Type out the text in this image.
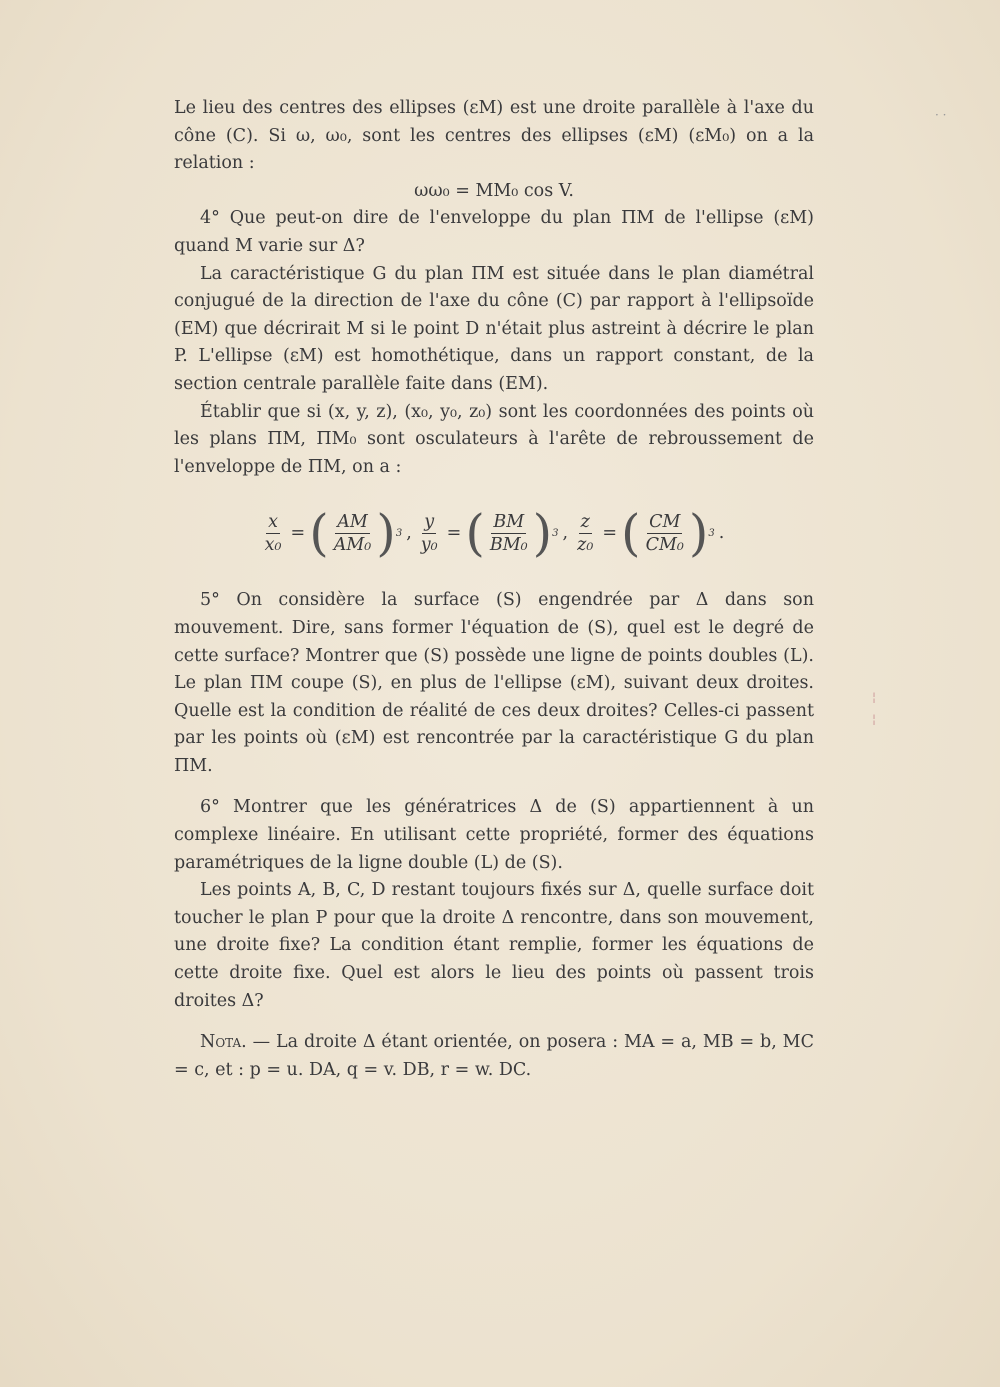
Le lieu des centres des ellipses (εM) est une droite parallèle à l'axe du cône (C). Si ω, ω₀, sont les centres des ellipses (εM) (εM₀) on a la relation :

ωω₀ = MM₀ cos V.

4° Que peut-on dire de l'enveloppe du plan ΠM de l'ellipse (εM) quand M varie sur Δ?

La caractéristique G du plan ΠM est située dans le plan diamétral conjugué de la direction de l'axe du cône (C) par rapport à l'ellipsoïde (EM) que décrirait M si le point D n'était plus astreint à décrire le plan P. L'ellipse (εM) est homothétique, dans un rapport constant, de la section centrale parallèle faite dans (EM).

Établir que si (x, y, z), (x₀, y₀, z₀) sont les coordonnées des points où les plans ΠM, ΠM₀ sont osculateurs à l'arête de rebroussement de l'enveloppe de ΠM, on a :

$\frac{x}{\text{x₀}}$ = ( $\frac{AM}{\text{AM₀}}$ ) 3 , $\frac{y}{\text{y₀}}$ = ( $\frac{BM}{\text{BM₀}}$ ) 3 , $\frac{z}{\text{z₀}}$ = ( $\frac{CM}{\text{CM₀}}$ ) 3 .

5° On considère la surface (S) engendrée par Δ dans son mouvement. Dire, sans former l'équation de (S), quel est le degré de cette surface? Montrer que (S) possède une ligne de points doubles (L). Le plan ΠM coupe (S), en plus de l'ellipse (εM), suivant deux droites. Quelle est la condition de réalité de ces deux droites? Celles-ci passent par les points où (εM) est rencontrée par la caractéristique G du plan ΠM.

6° Montrer que les génératrices Δ de (S) appartiennent à un complexe linéaire. En utilisant cette propriété, former des équations paramétriques de la ligne double (L) de (S).

Les points A, B, C, D restant toujours fixés sur Δ, quelle surface doit toucher le plan P pour que la droite Δ rencontre, dans son mouvement, une droite fixe? La condition étant remplie, former les équations de cette droite fixe. Quel est alors le lieu des points où passent trois droites Δ?

Nota. — La droite Δ étant orientée, on posera : MA = a, MB = b, MC = c, et : p = u. DA, q = v. DB, r = w. DC.

· ·
¦
¦
